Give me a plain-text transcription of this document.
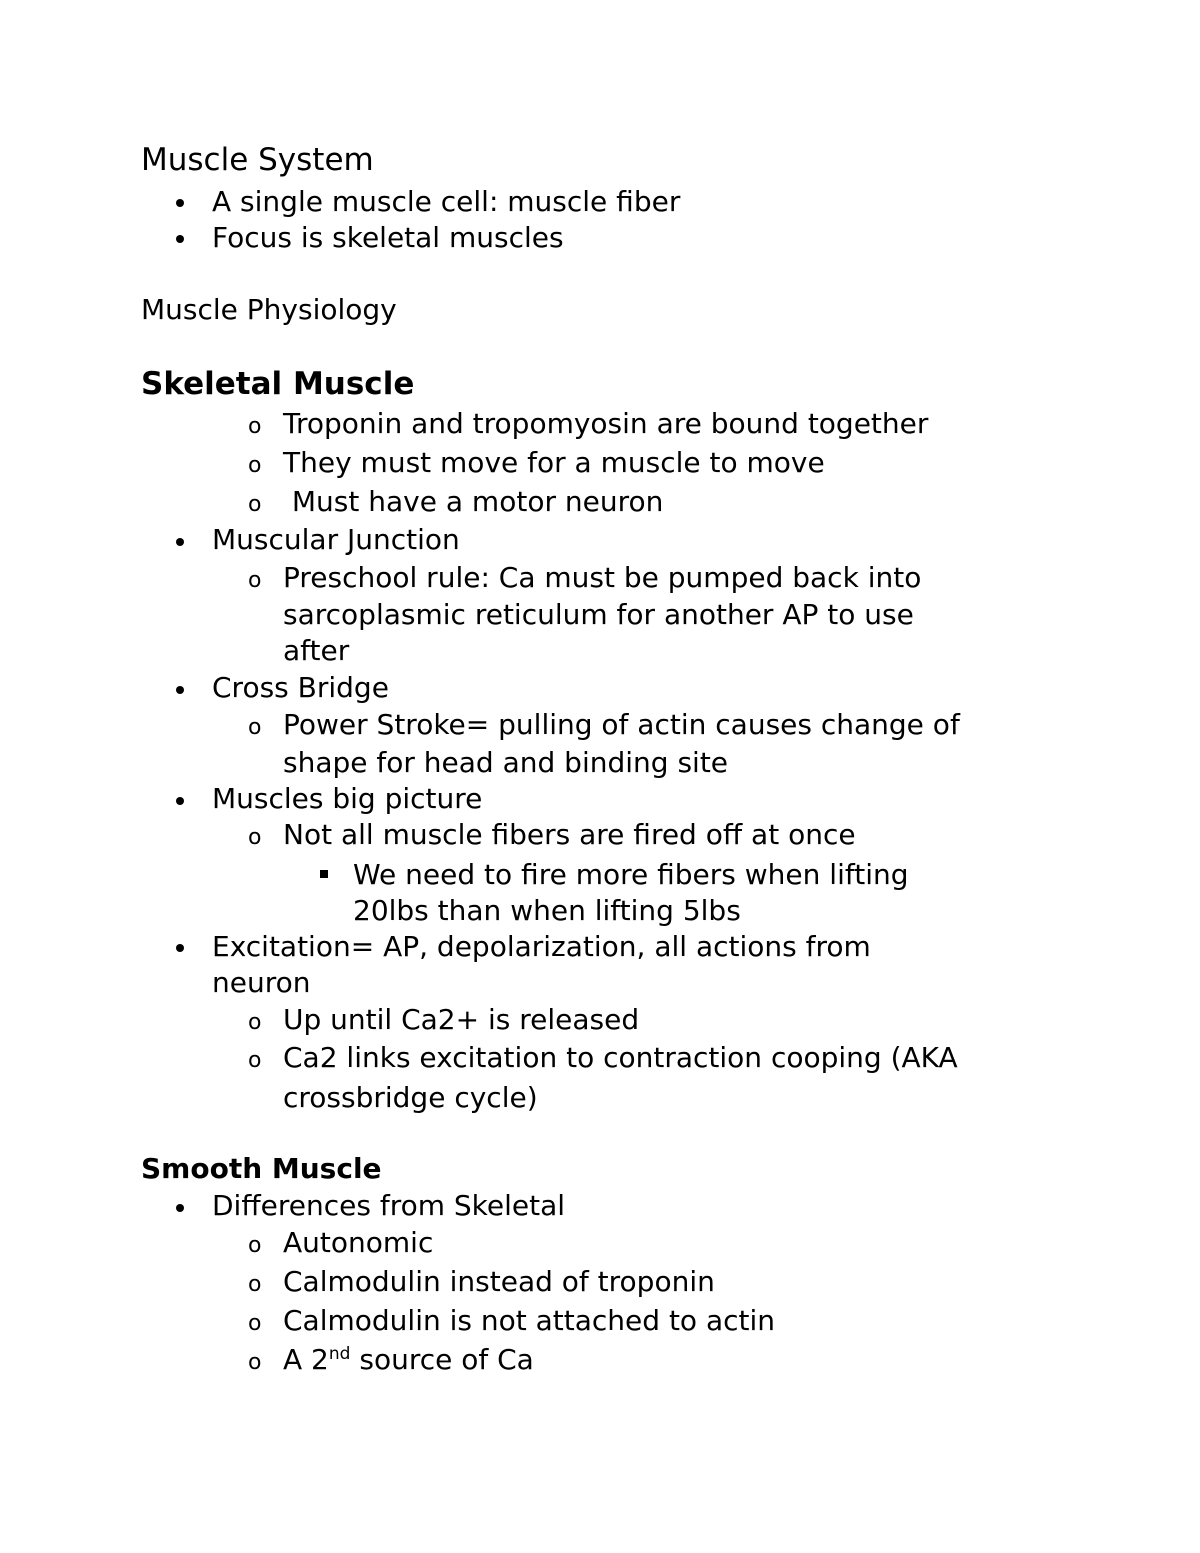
Muscle System
A single muscle cell: muscle fiber
Focus is skeletal muscles
Muscle Physiology
Skeletal Muscle
o Troponin and tropomyosin are bound together
o They must move for a muscle to move
o Must have a motor neuron
Muscular Junction
o Preschool rule: Ca must be pumped back into
sarcoplasmic reticulum for another AP to use
after
Cross Bridge
o Power Stroke= pulling of actin causes change of
shape for head and binding site
Muscles big picture
o Not all muscle fibers are fired off at once
We need to fire more fibers when lifting
20lbs than when lifting 5lbs
Excitation= AP, depolarization, all actions from
neuron
o Up until Ca2+ is released
o Ca2 links excitation to contraction cooping (AKA
crossbridge cycle)
Smooth Muscle
Differences from Skeletal
o Autonomic
o Calmodulin instead of troponin
o Calmodulin is not attached to actin
o A 2nd source of Ca
